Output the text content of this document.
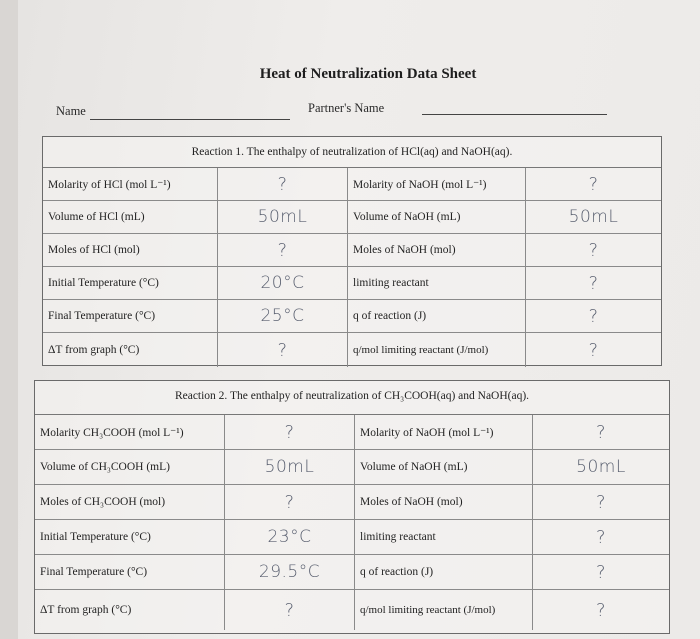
Heat of Neutralization Data Sheet
Name	Partner's Name
Reaction 1. The enthalpy of neutralization of HCl(aq) and NaOH(aq).
Molarity of HCl (mol L⁻¹)	?	Molarity of NaOH (mol L⁻¹)	?
Volume of HCl (mL)	50mL	Volume of NaOH (mL)	50mL
Moles of HCl (mol)	?	Moles of NaOH (mol)	?
Initial Temperature (°C)	20°C	limiting reactant	?
Final Temperature (°C)	25°C	q of reaction (J)	?
ΔT from graph (°C)	?	q/mol limiting reactant (J/mol)	?
Reaction 2. The enthalpy of neutralization of CH₃COOH(aq) and NaOH(aq).
Molarity CH₃COOH (mol L⁻¹)	?	Molarity of NaOH (mol L⁻¹)	?
Volume of CH₃COOH (mL)	50mL	Volume of NaOH (mL)	50mL
Moles of CH₃COOH (mol)	?	Moles of NaOH (mol)	?
Initial Temperature (°C)	23°C	limiting reactant	?
Final Temperature (°C)	29.5°C	q of reaction (J)	?
ΔT from graph (°C)	?	q/mol limiting reactant (J/mol)	?
